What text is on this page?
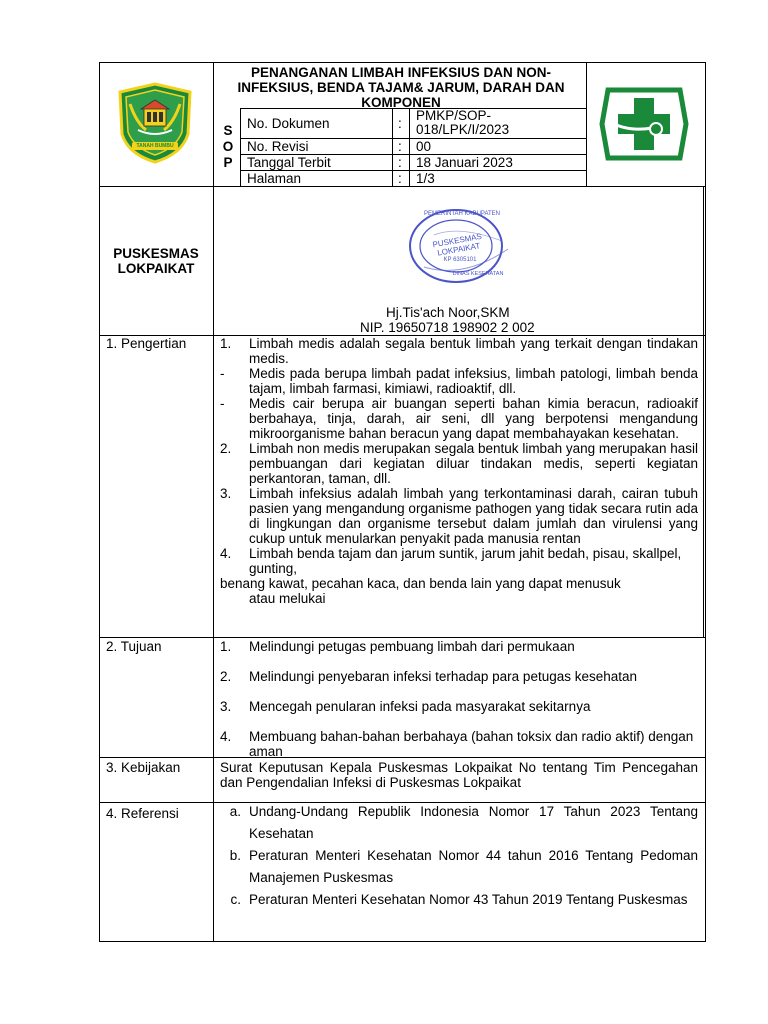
TANAH BUMBU
PENANGANAN LIMBAH INFEKSIUS DAN NON-INFEKSIUS, BENDA TAJAM& JARUM, DARAH DAN KOMPONEN
S
O
P
No. Dokumen	:
PMKP/SOP-018/LPK/I/2023
No. Revisi	: 00
Tanggal Terbit	: 18 Januari 2023
Halaman	: 1/3
PUSKESMAS
LOKPAIKAT
PEMERINTAH KABUPATEN
PUSKESMAS LOKPAIKAT
KP 6305101
DINAS KESEHATAN
Hj.Tis'ach Noor,SKM
NIP. 19650718 198902 2 002
1. Pengertian 1.	Limbah medis adalah segala bentuk limbah yang terkait dengan tindakan medis.
-	Medis pada berupa limbah padat infeksius, limbah patologi, limbah benda tajam, limbah farmasi, kimiawi, radioaktif, dll.
-	Medis cair berupa air buangan seperti bahan kimia beracun, radioakif berbahaya, tinja, darah, air seni, dll yang berpotensi mengandung mikroorganisme bahan beracun yang dapat membahayakan kesehatan.
2.	Limbah non medis merupakan segala bentuk limbah yang merupakan hasil pembuangan dari kegiatan diluar tindakan medis, seperti kegiatan perkantoran, taman, dll.
3.	Limbah infeksius adalah limbah yang terkontaminasi darah, cairan tubuh pasien yang mengandung organisme pathogen yang tidak secara rutin ada di lingkungan dan organisme tersebut dalam jumlah dan virulensi yang cukup untuk menularkan penyakit pada manusia rentan
4.	Limbah benda tajam dan jarum suntik, jarum jahit bedah, pisau, skallpel, gunting,
benang kawat, pecahan kaca, dan benda lain yang dapat menusuk
atau melukai
2. Tujuan	1.	Melindungi petugas pembuang limbah dari permukaan
2.	Melindungi penyebaran infeksi terhadap para petugas kesehatan
3.	Mencegah penularan infeksi pada masyarakat sekitarnya
4.	Membuang bahan-bahan berbahaya (bahan toksix dan radio aktif) dengan aman
3. Kebijakan	Surat Keputusan Kepala Puskesmas Lokpaikat No tentang Tim Pencegahan dan Pengendalian Infeksi di Puskesmas Lokpaikat
4. Referensi	a. Undang-Undang Republik Indonesia Nomor 17 Tahun 2023 Tentang Kesehatan
b. Peraturan Menteri Kesehatan Nomor 44 tahun 2016 Tentang Pedoman Manajemen Puskesmas
c. Peraturan Menteri Kesehatan Nomor 43 Tahun 2019 Tentang Puskesmas
